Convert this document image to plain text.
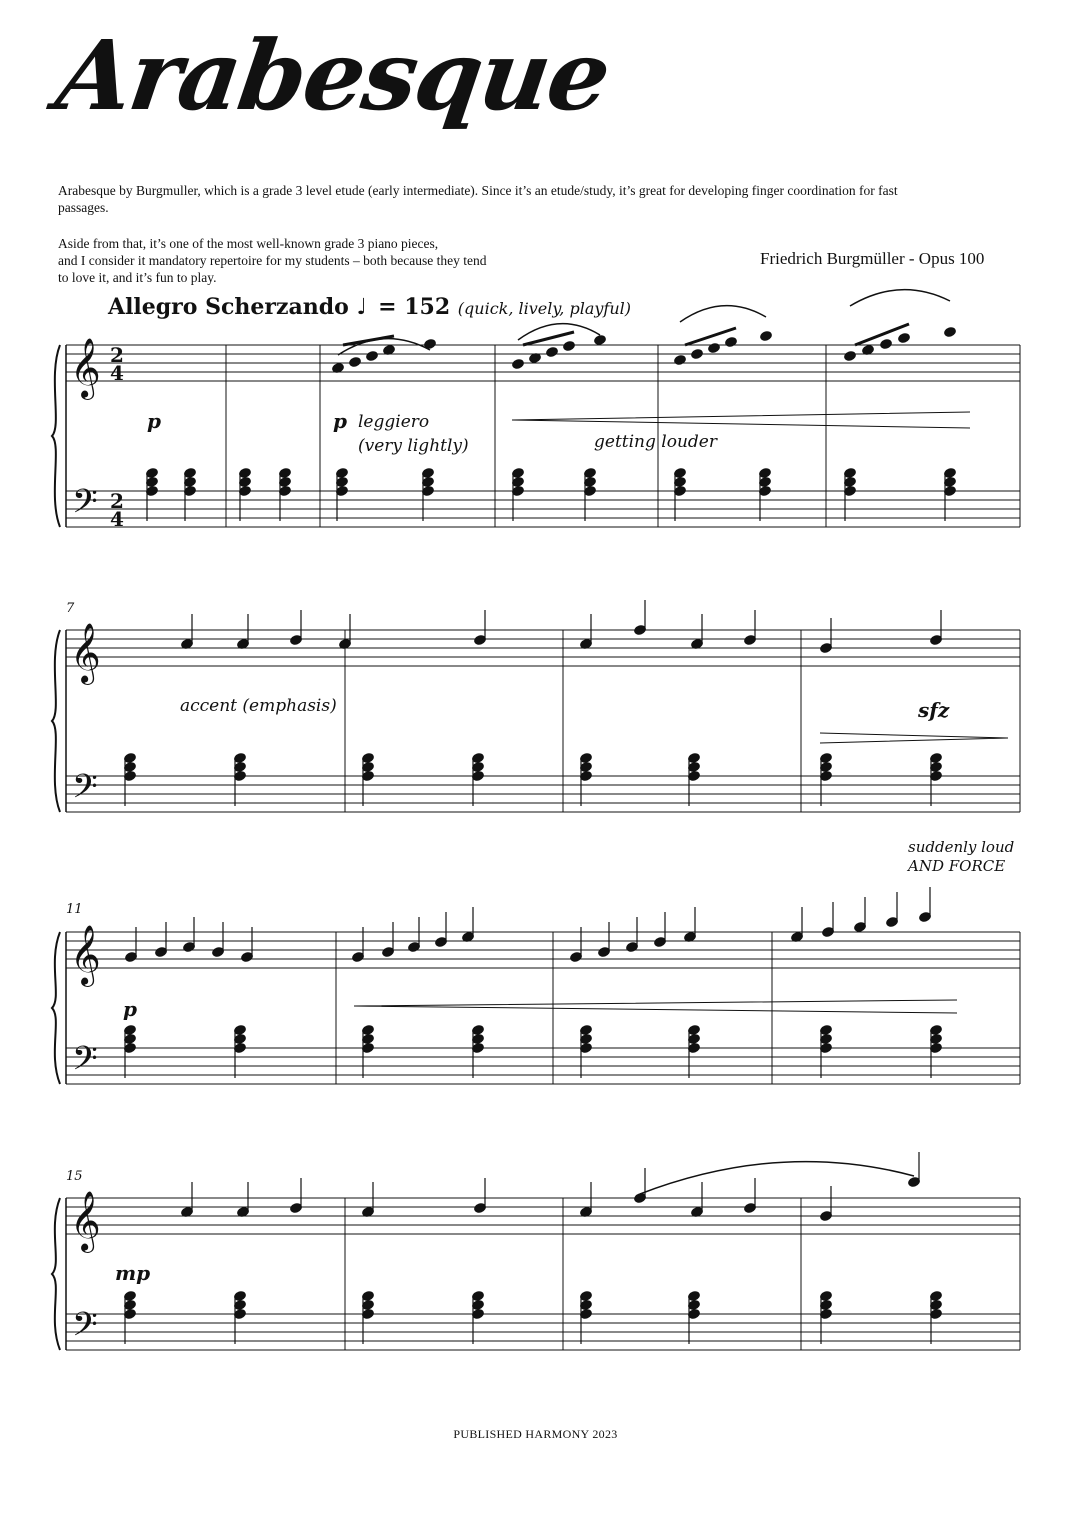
Arabesque
Arabesque by Burgmuller, which is a grade 3 level etude (early intermediate). Since it’s an etude/study, it’s great for developing finger coordination for fast passages.
Aside from that, it’s one of the most well-known grade 3 piano pieces,
and I consider it mandatory repertoire for my students – both because they tend
to love it, and it’s fun to play.
Friedrich Burgmüller - Opus 100
Allegro Scherzando ♩ = 152 (quick, lively, playful)
𝄞
𝄢
2
4
2
4
𝄞
𝄢
𝄞
𝄢
𝄞
𝄢
p	p leggiero
(very lightly)	getting louder
7
accent (emphasis)	sfz
11
p
15
mp
suddenly loud
AND FORCE
PUBLISHED HARMONY 2023
